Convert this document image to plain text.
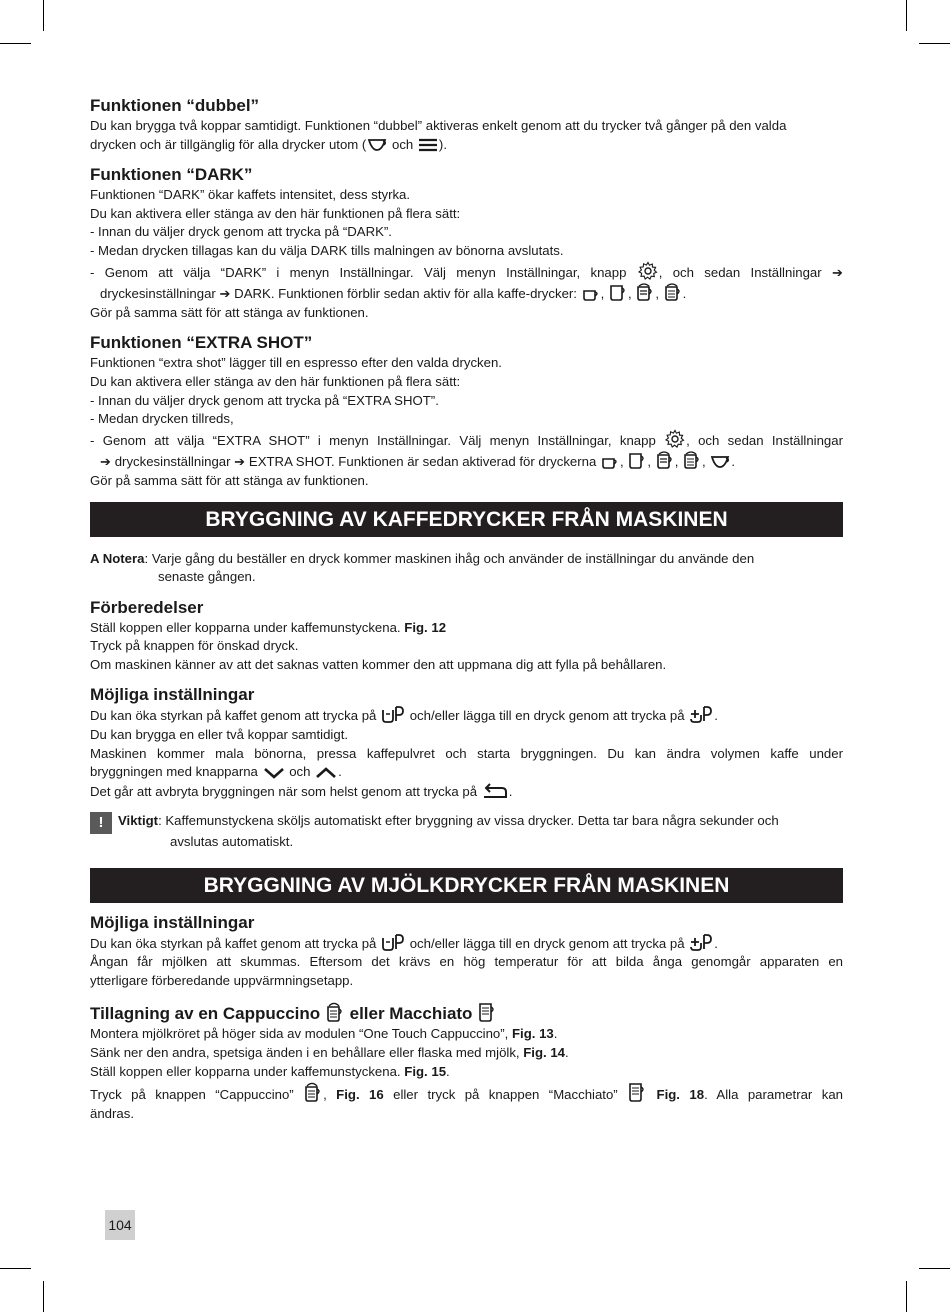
Funktionen “dubbel”

Du kan brygga två koppar samtidigt. Funktionen “dubbel” aktiveras enkelt genom att du trycker två gånger på den valda

drycken och är tillgänglig för alla drycker utom (
och
).

Funktionen “DARK”

Funktionen “DARK” ökar kaffets intensitet, dess styrka.

Du kan aktivera eller stänga av den här funktionen på flera sätt:

- Innan du väljer dryck genom att trycka på “DARK”.

- Medan drycken tillagas kan du välja DARK tills malningen av bönorna avslutats.

- Genom att välja “DARK” i menyn Inställningar. Välj menyn Inställningar, knapp , och sedan Inställningar ➔

dryckesinställningar ➔ DARK. Funktionen förblir sedan aktiv för alla kaffe-drycker: , , , .

Gör på samma sätt för att stänga av funktionen.

Funktionen “EXTRA SHOT”

Funktionen “extra shot” lägger till en espresso efter den valda drycken.

Du kan aktivera eller stänga av den här funktionen på flera sätt:

- Innan du väljer dryck genom att trycka på “EXTRA SHOT”.

- Medan drycken tillreds,

- Genom att välja “EXTRA SHOT” i menyn Inställningar. Välj menyn Inställningar, knapp , och sedan Inställningar

➔ dryckesinställningar ➔ EXTRA SHOT. Funktionen är sedan aktiverad för dryckerna , , , , .

Gör på samma sätt för att stänga av funktionen.

BRYGGNING AV KAFFEDRYCKER FRÅN MASKINEN
A Notera : Varje gång du beställer en dryck kommer maskinen ihåg och använder de inställningar du använde den

senaste gången.

Förberedelser

Ställ koppen eller kopparna under kaffemunstyckena. Fig. 12

Tryck på knappen för önskad dryck.

Om maskinen känner av att det saknas vatten kommer den att uppmana dig att fylla på behållaren.

Möjliga inställningar

Du kan öka styrkan på kaffet genom att trycka på
och/eller lägga till en dryck genom att trycka på
.

Du kan brygga en eller två koppar samtidigt.

Maskinen kommer mala bönorna, pressa kaffepulvret och starta bryggningen. Du kan ändra volymen kaffe under

bryggningen med knapparna
och
.

Det går att avbryta bryggningen när som helst genom att trycka på
.

!	Viktigt : Kaffemunstyckena sköljs automatiskt efter bryggning av vissa drycker. Detta tar bara några sekunder och

avslutas automatiskt.

BRYGGNING AV MJÖLKDRYCKER FRÅN MASKINEN
Möjliga inställningar

Du kan öka styrkan på kaffet genom att trycka på
och/eller lägga till en dryck genom att trycka på
.

Ångan får mjölken att skummas. Eftersom det krävs en hög temperatur för att bilda ånga genomgår apparaten en

ytterligare förberedande uppvärmningsetapp.

Tillagning av en Cappuccino
eller Macchiato

Montera mjölkröret på höger sida av modulen “One Touch Cappuccino”, Fig. 13.

Sänk ner den andra, spetsiga änden i en behållare eller flaska med mjölk, Fig. 14.

Ställ koppen eller kopparna under kaffemunstyckena. Fig. 15.

Tryck på knappen “Cappuccino”
, Fig. 16 eller tryck på knappen “Macchiato”
Fig. 18. Alla parametrar kan

ändras.

104
